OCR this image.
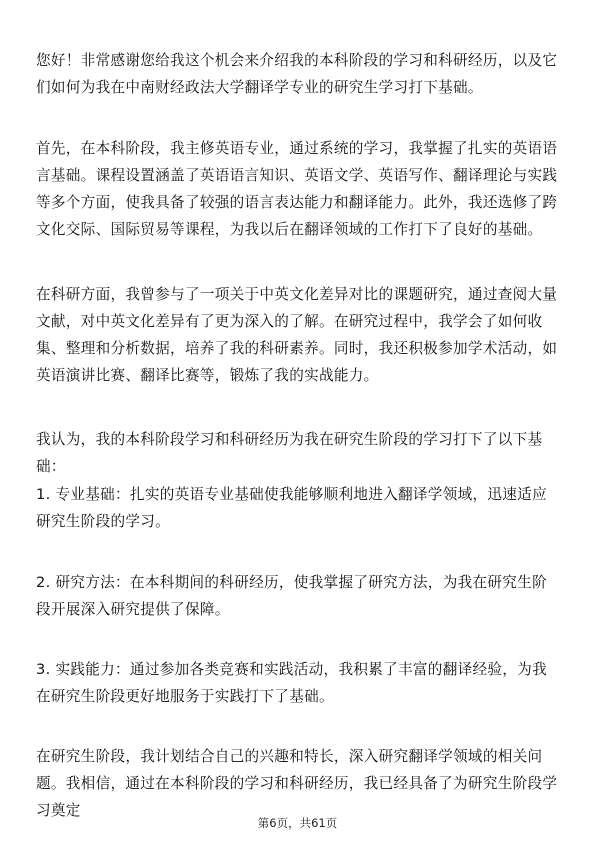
您好！非常感谢您给我这个机会来介绍我的本科阶段的学习和科研经历，以及它们如何为我在中南财经政法大学翻译学专业的研究生学习打下基础。

首先，在本科阶段，我主修英语专业，通过系统的学习，我掌握了扎实的英语语言基础。课程设置涵盖了英语语言知识、英语文学、英语写作、翻译理论与实践等多个方面，使我具备了较强的语言表达能力和翻译能力。此外，我还选修了跨文化交际、国际贸易等课程，为我以后在翻译领域的工作打下了良好的基础。

在科研方面，我曾参与了一项关于中英文化差异对比的课题研究，通过查阅大量文献，对中英文化差异有了更为深入的了解。在研究过程中，我学会了如何收集、整理和分析数据，培养了我的科研素养。同时，我还积极参加学术活动，如英语演讲比赛、翻译比赛等，锻炼了我的实战能力。

我认为，我的本科阶段学习和科研经历为我在研究生阶段的学习打下了以下基础：

1. 专业基础：扎实的英语专业基础使我能够顺利地进入翻译学领域，迅速适应研究生阶段的学习。

2. 研究方法：在本科期间的科研经历，使我掌握了研究方法，为我在研究生阶段开展深入研究提供了保障。

3. 实践能力：通过参加各类竞赛和实践活动，我积累了丰富的翻译经验，为我在研究生阶段更好地服务于实践打下了基础。

在研究生阶段，我计划结合自己的兴趣和特长，深入研究翻译学领域的相关问题。我相信，通过在本科阶段的学习和科研经历，我已经具备了为研究生阶段学习奠定

第6页，共61页
